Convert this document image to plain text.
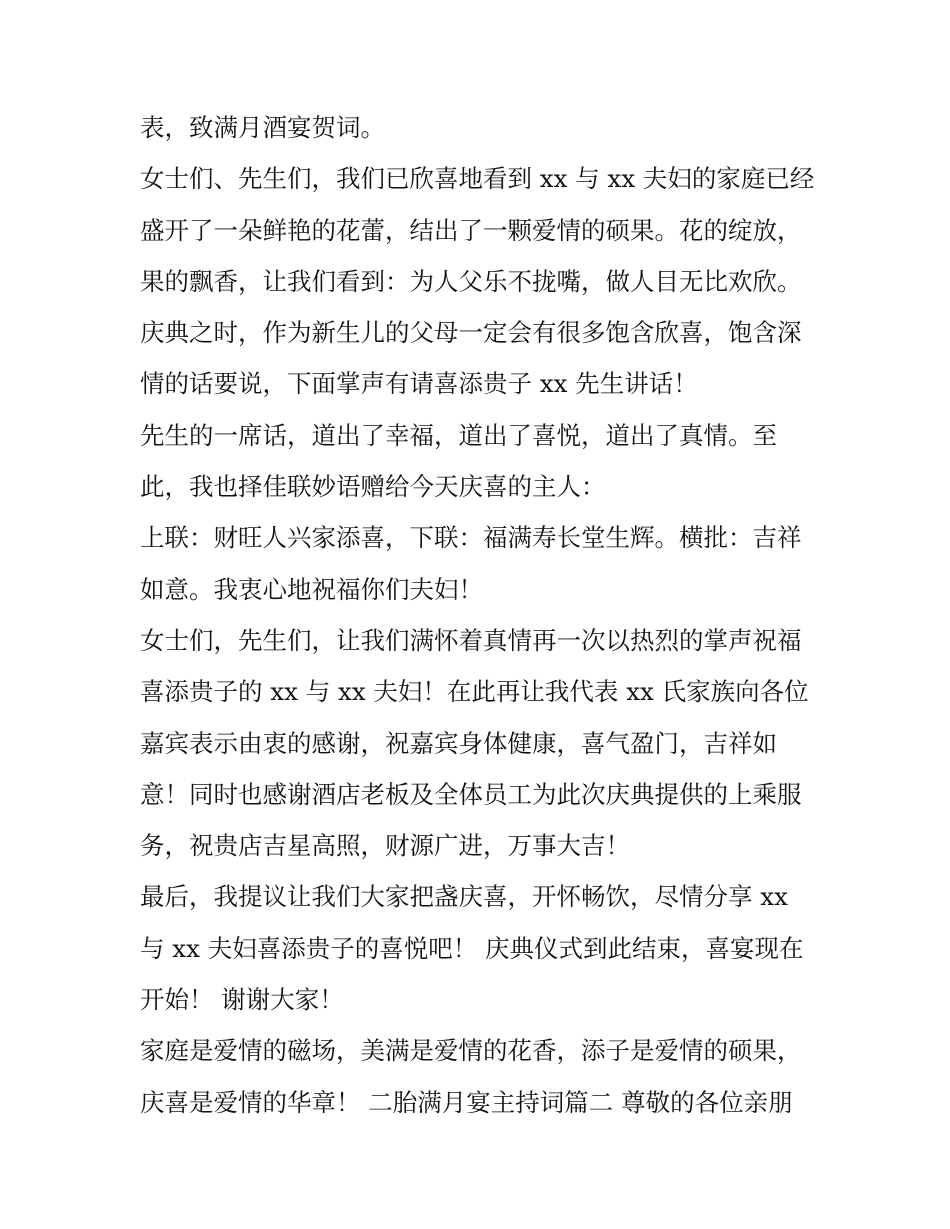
表，致满月酒宴贺词。
女士们、先生们，我们已欣喜地看到 xx 与 xx 夫妇的家庭已经
盛开了一朵鲜艳的花蕾，结出了一颗爱情的硕果。花的绽放，
果的飘香，让我们看到：为人父乐不拢嘴，做人目无比欢欣。
庆典之时，作为新生儿的父母一定会有很多饱含欣喜，饱含深
情的话要说，下面掌声有请喜添贵子 xx 先生讲话！
先生的一席话，道出了幸福，道出了喜悦，道出了真情。至
此，我也择佳联妙语赠给今天庆喜的主人：
上联：财旺人兴家添喜，下联：福满寿长堂生辉。横批：吉祥
如意。我衷心地祝福你们夫妇！
女士们，先生们，让我们满怀着真情再一次以热烈的掌声祝福
喜添贵子的 xx 与 xx 夫妇！在此再让我代表 xx 氏家族向各位
嘉宾表示由衷的感谢，祝嘉宾身体健康，喜气盈门，吉祥如
意！同时也感谢酒店老板及全体员工为此次庆典提供的上乘服
务，祝贵店吉星高照，财源广进，万事大吉！
最后，我提议让我们大家把盏庆喜，开怀畅饮，尽情分享 xx
与 xx 夫妇喜添贵子的喜悦吧！ 庆典仪式到此结束，喜宴现在
开始！ 谢谢大家！
家庭是爱情的磁场，美满是爱情的花香，添子是爱情的硕果，
庆喜是爱情的华章！ 二胎满月宴主持词篇二 尊敬的各位亲朋
